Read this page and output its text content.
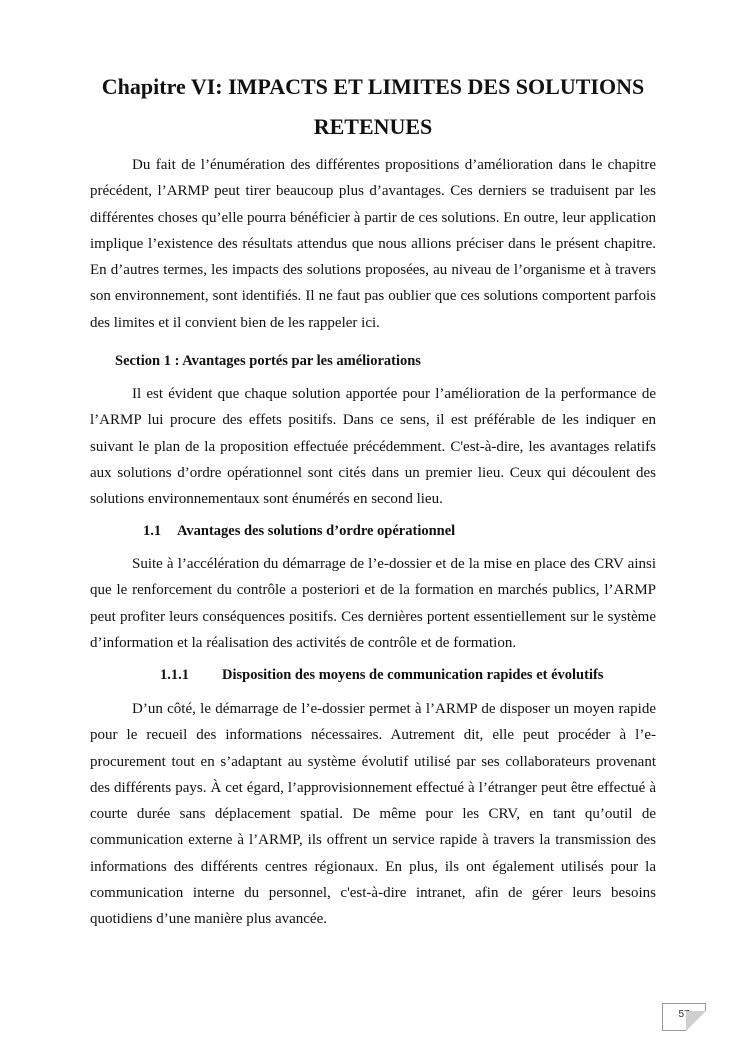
Chapitre VI: IMPACTS ET LIMITES DES SOLUTIONS
RETENUES

Du fait de l’énumération des différentes propositions d’amélioration dans le chapitre précédent, l’ARMP peut tirer beaucoup plus d’avantages. Ces derniers se traduisent par les différentes choses qu’elle pourra bénéficier à partir de ces solutions. En outre, leur application implique l’existence des résultats attendus que nous allions préciser dans le présent chapitre. En d’autres termes, les impacts des solutions proposées, au niveau de l’organisme et à travers son environnement, sont identifiés. Il ne faut pas oublier que ces solutions comportent parfois des limites et il convient bien de les rappeler ici.

Section 1 : Avantages portés par les améliorations

Il est évident que chaque solution apportée pour l’amélioration de la performance de l’ARMP lui procure des effets positifs. Dans ce sens, il est préférable de les indiquer en suivant le plan de la proposition effectuée précédemment. C'est-à-dire, les avantages relatifs aux solutions d’ordre opérationnel sont cités dans un premier lieu. Ceux qui découlent des solutions environnementaux sont énumérés en second lieu.

1.1 Avantages des solutions d’ordre opérationnel

Suite à l’accélération du démarrage de l’e-dossier et de la mise en place des CRV ainsi que le renforcement du contrôle a posteriori et de la formation en marchés publics, l’ARMP peut profiter leurs conséquences positifs. Ces dernières portent essentiellement sur le système d’information et la réalisation des activités de contrôle et de formation.

1.1.1 Disposition des moyens de communication rapides et évolutifs

D’un côté, le démarrage de l’e-dossier permet à l’ARMP de disposer un moyen rapide pour le recueil des informations nécessaires. Autrement dit, elle peut procéder à l’e-procurement tout en s’adaptant au système évolutif utilisé par ses collaborateurs provenant des différents pays. À cet égard, l’approvisionnement effectué à l’étranger peut être effectué à courte durée sans déplacement spatial. De même pour les CRV, en tant qu’outil de communication externe à l’ARMP, ils offrent un service rapide à travers la transmission des informations des différents centres régionaux. En plus, ils ont également utilisés pour la communication interne du personnel, c'est-à-dire intranet, afin de gérer leurs besoins quotidiens d’une manière plus avancée.

57
